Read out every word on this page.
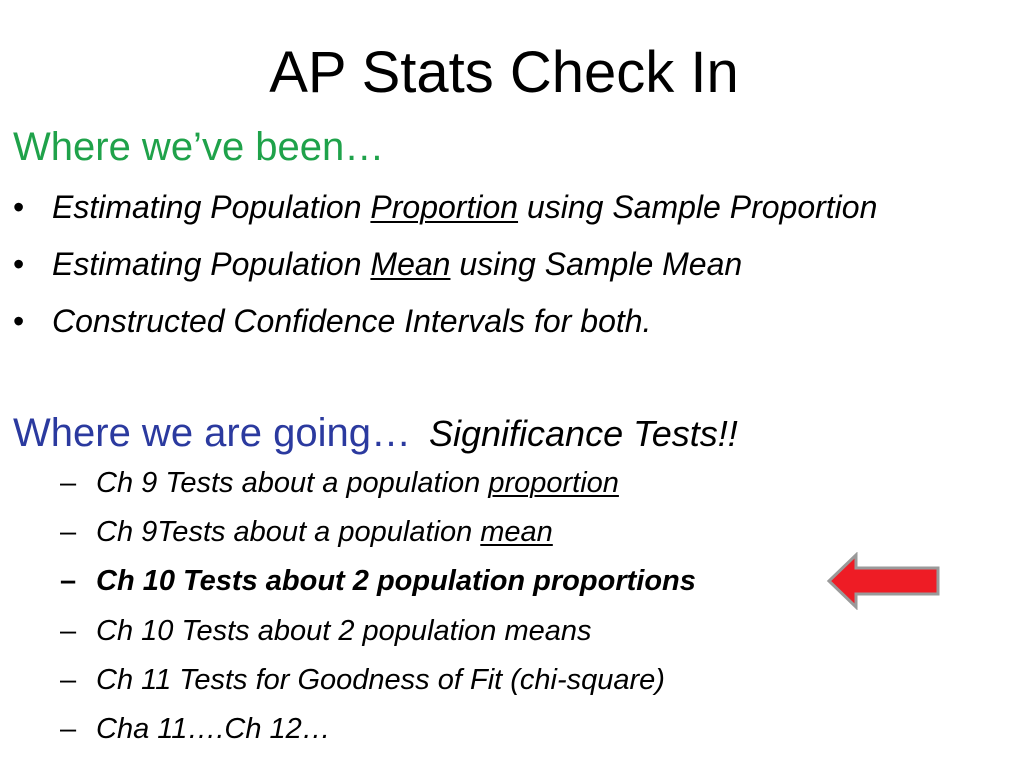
AP Stats Check In
Where we’ve been…
• Estimating Population Proportion using Sample Proportion
• Estimating Population Mean using Sample Mean
• Constructed Confidence Intervals for both.
Where we are going… Significance Tests!!
– Ch 9 Tests about a population proportion
– Ch 9Tests about a population mean
– Ch 10 Tests about 2 population proportions
– Ch 10 Tests about 2 population means
– Ch 11 Tests for Goodness of Fit (chi-square)
– Cha 11….Ch 12…
